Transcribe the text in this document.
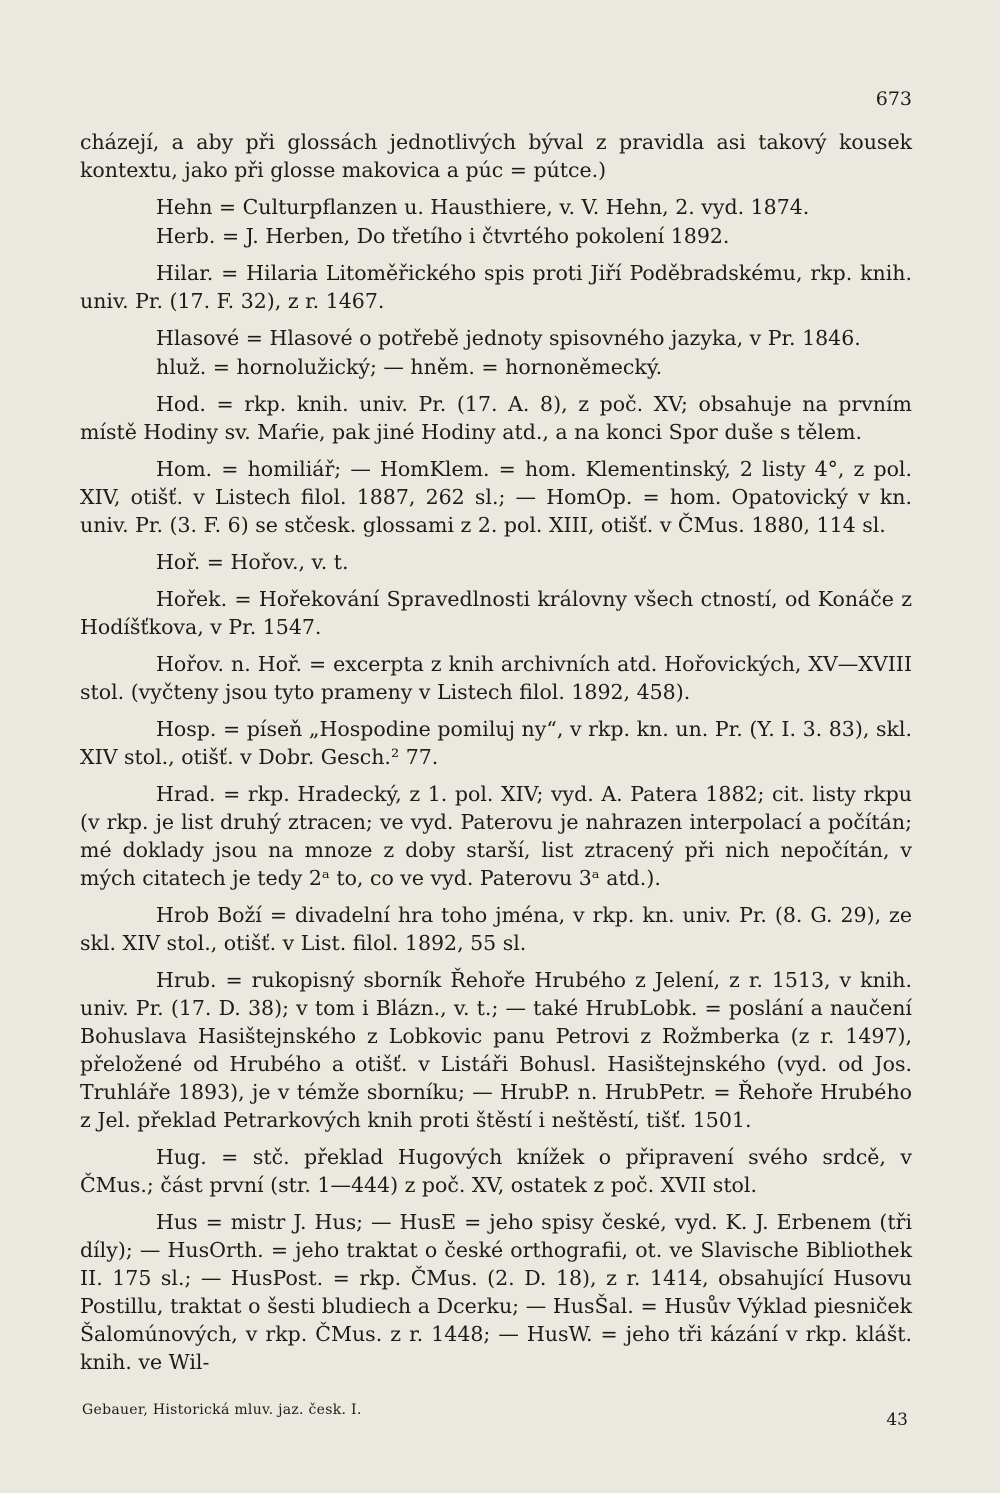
673

cházejí, a aby při glossách jednotlivých býval z pravidla asi takový kousek kontextu, jako při glosse makovica a púc = pútce.)

Hehn = Culturpflanzen u. Hausthiere, v. V. Hehn, 2. vyd. 1874.

Herb. = J. Herben, Do třetího i čtvrtého pokolení 1892.

Hilar. = Hilaria Litoměřického spis proti Jiří Poděbradskému, rkp. knih. univ. Pr. (17. F. 32), z r. 1467.

Hlasové = Hlasové o potřebě jednoty spisovného jazyka, v Pr. 1846.

hluž. = hornolužický; — hněm. = hornoněmecký.

Hod. = rkp. knih. univ. Pr. (17. A. 8), z poč. XV; obsahuje na prvním místě Hodiny sv. Maŕie, pak jiné Hodiny atd., a na konci Spor duše s tělem.

Hom. = homiliář; — HomKlem. = hom. Klementinský, 2 listy 4°, z pol. XIV, otišť. v Listech filol. 1887, 262 sl.; — HomOp. = hom. Opatovický v kn. univ. Pr. (3. F. 6) se stčesk. glossami z 2. pol. XIII, otišť. v ČMus. 1880, 114 sl.

Hoř. = Hořov., v. t.

Hořek. = Hořekování Spravedlnosti královny všech ctností, od Konáče z Hodíšťkova, v Pr. 1547.

Hořov. n. Hoř. = excerpta z knih archivních atd. Hořovických, XV—XVIII stol. (vyčteny jsou tyto prameny v Listech filol. 1892, 458).

Hosp. = píseň „Hospodine pomiluj ny“, v rkp. kn. un. Pr. (Y. I. 3. 83), skl. XIV stol., otišť. v Dobr. Gesch.² 77.

Hrad. = rkp. Hradecký, z 1. pol. XIV; vyd. A. Patera 1882; cit. listy rkpu (v rkp. je list druhý ztracen; ve vyd. Paterovu je nahrazen interpolací a počítán; mé doklady jsou na mnoze z doby starší, list ztracený při nich nepočítán, v mých citatech je tedy 2ᵃ to, co ve vyd. Paterovu 3ᵃ atd.).

Hrob Boží = divadelní hra toho jména, v rkp. kn. univ. Pr. (8. G. 29), ze skl. XIV stol., otišť. v List. filol. 1892, 55 sl.

Hrub. = rukopisný sborník Řehoře Hrubého z Jelení, z r. 1513, v knih. univ. Pr. (17. D. 38); v tom i Blázn., v. t.; — také HrubLobk. = poslání a naučení Bohuslava Hasištejnského z Lobkovic panu Petrovi z Rožmberka (z r. 1497), přeložené od Hrubého a otišť. v Listáři Bohusl. Hasištejnského (vyd. od Jos. Truhláře 1893), je v témže sborníku; — HrubP. n. HrubPetr. = Řehoře Hrubého z Jel. překlad Petrarkových knih proti štěstí i neštěstí, tišť. 1501.

Hug. = stč. překlad Hugových knížek o připravení svého srdcě, v ČMus.; část první (str. 1—444) z poč. XV, ostatek z poč. XVII stol.

Hus = mistr J. Hus; — HusE = jeho spisy české, vyd. K. J. Erbenem (tři díly); — HusOrth. = jeho traktat o české orthografii, ot. ve Slavische Bibliothek II. 175 sl.; — HusPost. = rkp. ČMus. (2. D. 18), z r. 1414, obsahující Husovu Postillu, traktat o šesti bludiech a Dcerku; — HusŠal. = Husův Výklad piesniček Šalomúnových, v rkp. ČMus. z r. 1448; — HusW. = jeho tři kázání v rkp. klášt. knih. ve Wil-

Gebauer, Historická mluv. jaz. česk. I.	43
